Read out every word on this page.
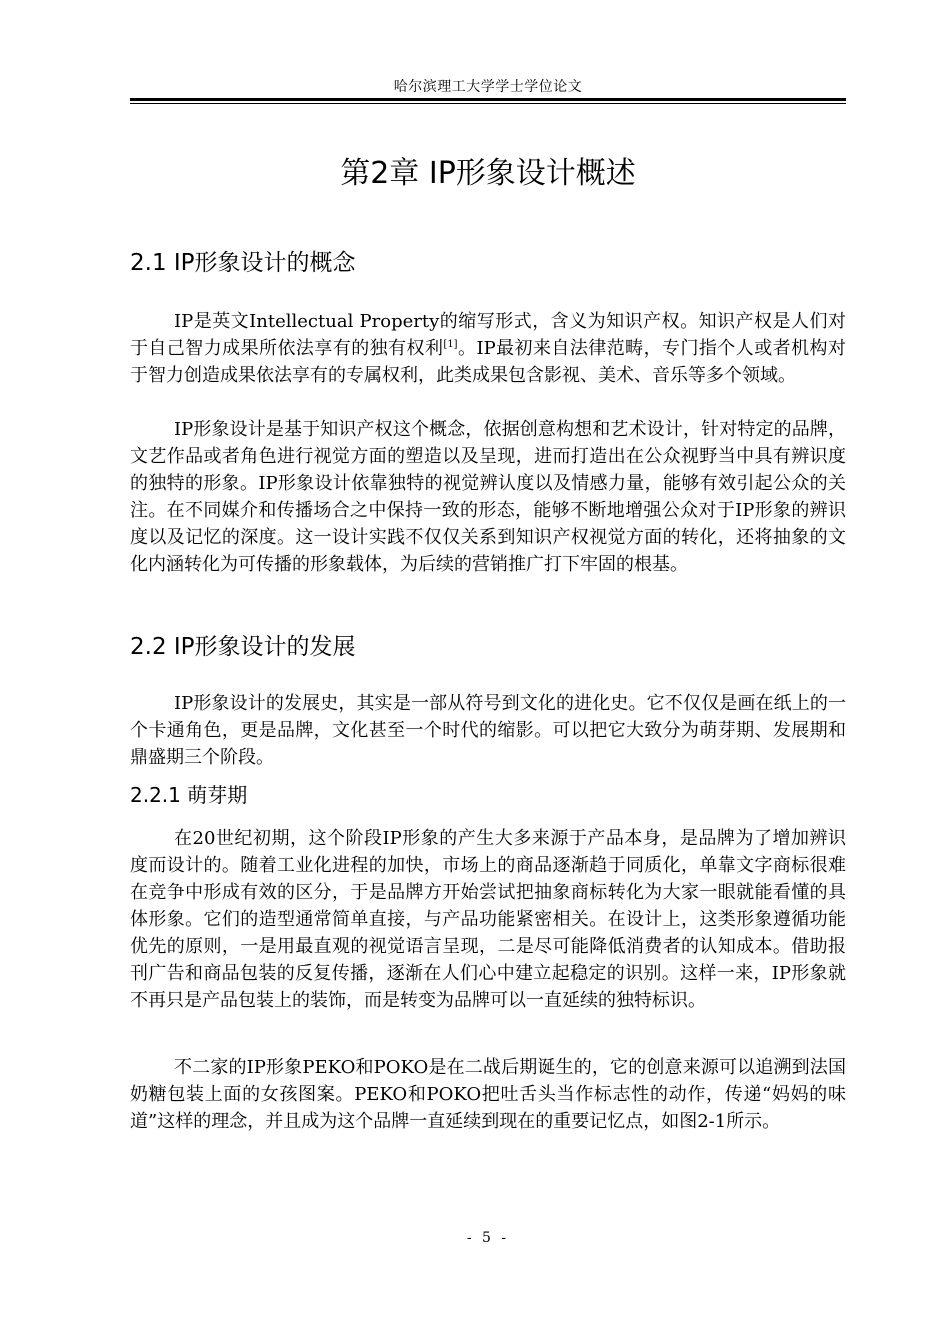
哈尔滨理工大学学士学位论文
第2章 IP形象设计概述
2.1 IP形象设计的概念

IP是英文Intellectual Property的缩写形式，含义为知识产权。知识产权是人们对于自己智力成果所依法享有的独有权利[1]。IP最初来自法律范畴，专门指个人或者机构对于智力创造成果依法享有的专属权利，此类成果包含影视、美术、音乐等多个领域。

IP形象设计是基于知识产权这个概念，依据创意构想和艺术设计，针对特定的品牌，文艺作品或者角色进行视觉方面的塑造以及呈现，进而打造出在公众视野当中具有辨识度的独特的形象。IP形象设计依靠独特的视觉辨认度以及情感力量，能够有效引起公众的关注。在不同媒介和传播场合之中保持一致的形态，能够不断地增强公众对于IP形象的辨识度以及记忆的深度。这一设计实践不仅仅关系到知识产权视觉方面的转化，还将抽象的文化内涵转化为可传播的形象载体，为后续的营销推广打下牢固的根基。

2.2 IP形象设计的发展

IP形象设计的发展史，其实是一部从符号到文化的进化史。它不仅仅是画在纸上的一个卡通角色，更是品牌，文化甚至一个时代的缩影。可以把它大致分为萌芽期、发展期和鼎盛期三个阶段。

2.2.1 萌芽期

在20世纪初期，这个阶段IP形象的产生大多来源于产品本身，是品牌为了增加辨识度而设计的。随着工业化进程的加快，市场上的商品逐渐趋于同质化，单靠文字商标很难在竞争中形成有效的区分，于是品牌方开始尝试把抽象商标转化为大家一眼就能看懂的具体形象。它们的造型通常简单直接，与产品功能紧密相关。在设计上，这类形象遵循功能优先的原则，一是用最直观的视觉语言呈现，二是尽可能降低消费者的认知成本。借助报刊广告和商品包装的反复传播，逐渐在人们心中建立起稳定的识别。这样一来，IP形象就不再只是产品包装上的装饰，而是转变为品牌可以一直延续的独特标识。

不二家的IP形象PEKO和POKO是在二战后期诞生的，它的创意来源可以追溯到法国奶糖包装上面的女孩图案。PEKO和POKO把吐舌头当作标志性的动作，传递“妈妈的味道”这样的理念，并且成为这个品牌一直延续到现在的重要记忆点，如图2-1所示。

- 5 -
